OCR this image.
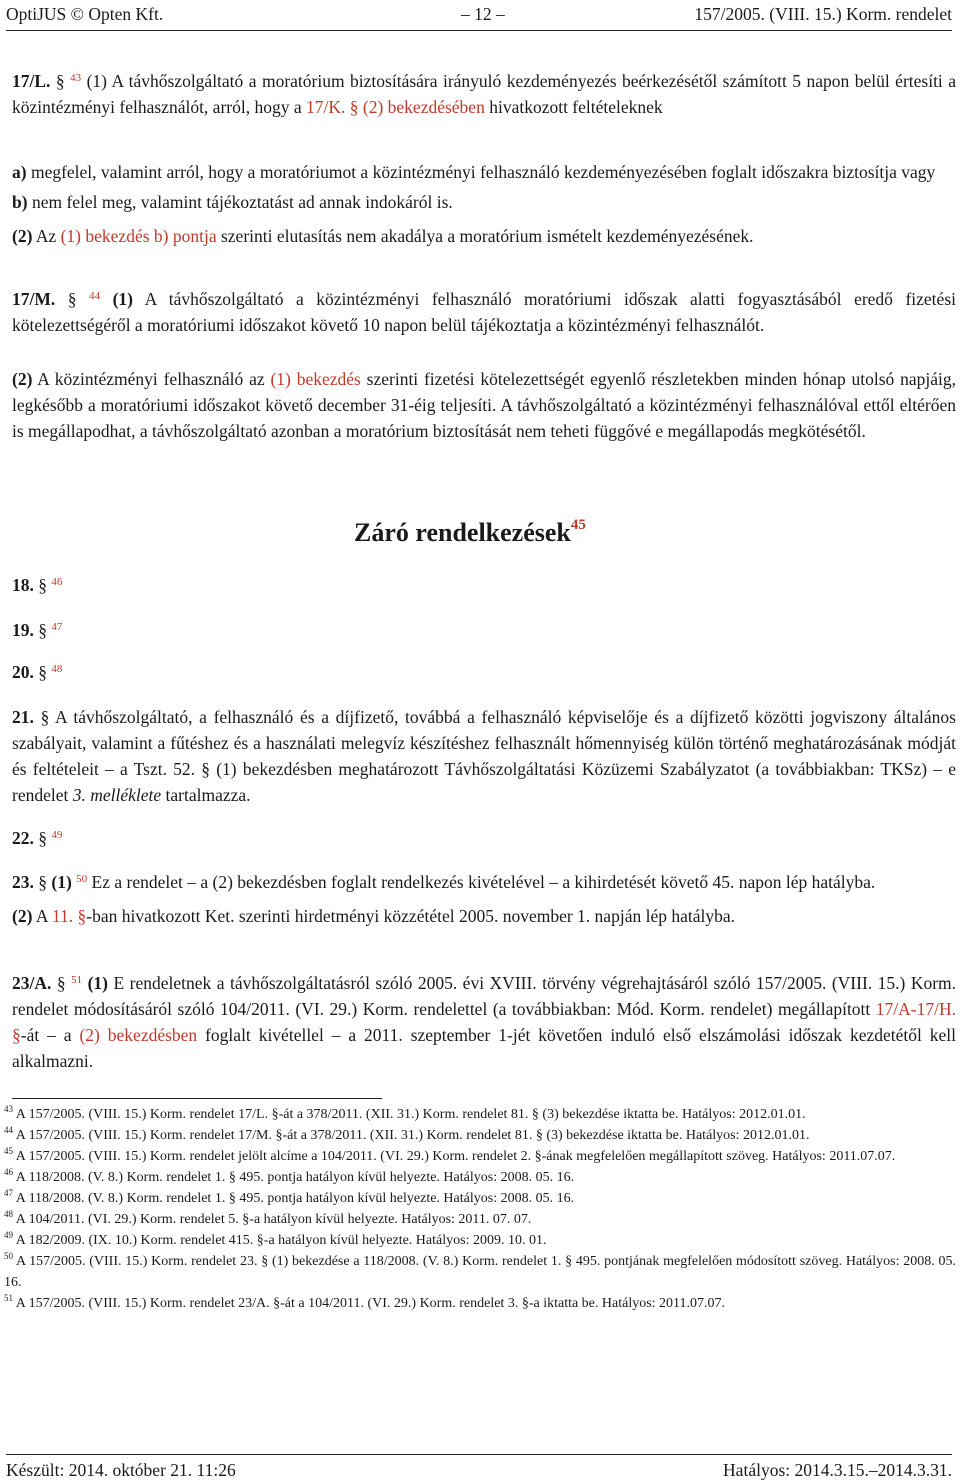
OptiJUS © Opten Kft.	– 12 –	157/2005. (VIII. 15.) Korm. rendelet

17/L. § $^{43}$ (1) A távhőszolgáltató a moratórium biztosítására irányuló kezdeményezés beérkezésétől számított 5 napon belül értesíti a közintézményi felhasználót, arról, hogy a 17/K. § (2) bekezdésében hivatkozott feltételeknek

a) megfelel, valamint arról, hogy a moratóriumot a közintézményi felhasználó kezdeményezésében foglalt időszakra biztosítja vagy

b) nem felel meg, valamint tájékoztatást ad annak indokáról is.

(2) Az (1) bekezdés b) pontja szerinti elutasítás nem akadálya a moratórium ismételt kezdeményezésének.

17/M. § $^{44}$ (1) A távhőszolgáltató a közintézményi felhasználó moratóriumi időszak alatti fogyasztásából eredő fizetési kötelezettségéről a moratóriumi időszakot követő 10 napon belül tájékoztatja a közintézményi felhasználót.

(2) A közintézményi felhasználó az (1) bekezdés szerinti fizetési kötelezettségét egyenlő részletekben minden hónap utolsó napjáig, legkésőbb a moratóriumi időszakot követő december 31-éig teljesíti. A távhőszolgáltató a közintézményi felhasználóval ettől eltérően is megállapodhat, a távhőszolgáltató azonban a moratórium biztosítását nem teheti függővé e megállapodás megkötésétől.

Záró rendelkezések$^{45}$
18. § $^{46}$
19. § $^{47}$
20. § $^{48}$

21. § A távhőszolgáltató, a felhasználó és a díjfizető, továbbá a felhasználó képviselője és a díjfizető közötti jogviszony általános szabályait, valamint a fűtéshez és a használati melegvíz készítéshez felhasznált hőmennyiség külön történő meghatározásának módját és feltételeit – a Tszt. 52. § (1) bekezdésben meghatározott Távhőszolgáltatási Közüzemi Szabályzatot (a továbbiakban: TKSz) – e rendelet 3. melléklete tartalmazza.

22. § $^{49}$

23. § (1) $^{50}$ Ez a rendelet – a (2) bekezdésben foglalt rendelkezés kivételével – a kihirdetését követő 45. napon lép hatályba.

(2) A 11. §-ban hivatkozott Ket. szerinti hirdetményi közzététel 2005. november 1. napján lép hatályba.

23/A. § $^{51}$ (1) E rendeletnek a távhőszolgáltatásról szóló 2005. évi XVIII. törvény végrehajtásáról szóló 157/2005. (VIII. 15.) Korm. rendelet módosításáról szóló 104/2011. (VI. 29.) Korm. rendelettel (a továbbiakban: Mód. Korm. rendelet) megállapított 17/A-17/H. §-át – a (2) bekezdésben foglalt kivétellel – a 2011. szeptember 1-jét követően induló első elszámolási időszak kezdetétől kell alkalmazni.

$^{43}$ A 157/2005. (VIII. 15.) Korm. rendelet 17/L. §-át a 378/2011. (XII. 31.) Korm. rendelet 81. § (3) bekezdése iktatta be. Hatályos: 2012.01.01.

$^{44}$ A 157/2005. (VIII. 15.) Korm. rendelet 17/M. §-át a 378/2011. (XII. 31.) Korm. rendelet 81. § (3) bekezdése iktatta be. Hatályos: 2012.01.01.

$^{45}$ A 157/2005. (VIII. 15.) Korm. rendelet jelölt alcíme a 104/2011. (VI. 29.) Korm. rendelet 2. §-ának megfelelően megállapított szöveg. Hatályos: 2011.07.07.

$^{46}$ A 118/2008. (V. 8.) Korm. rendelet 1. § 495. pontja hatályon kívül helyezte. Hatályos: 2008. 05. 16.

$^{47}$ A 118/2008. (V. 8.) Korm. rendelet 1. § 495. pontja hatályon kívül helyezte. Hatályos: 2008. 05. 16.

$^{48}$ A 104/2011. (VI. 29.) Korm. rendelet 5. §-a hatályon kívül helyezte. Hatályos: 2011. 07. 07.

$^{49}$ A 182/2009. (IX. 10.) Korm. rendelet 415. §-a hatályon kívül helyezte. Hatályos: 2009. 10. 01.

$^{50}$ A 157/2005. (VIII. 15.) Korm. rendelet 23. § (1) bekezdése a 118/2008. (V. 8.) Korm. rendelet 1. § 495. pontjának megfelelően módosított szöveg. Hatályos: 2008. 05. 16.

$^{51}$ A 157/2005. (VIII. 15.) Korm. rendelet 23/A. §-át a 104/2011. (VI. 29.) Korm. rendelet 3. §-a iktatta be. Hatályos: 2011.07.07.

Készült: 2014. október 21. 11:26	Hatályos: 2014.3.15.–2014.3.31.
